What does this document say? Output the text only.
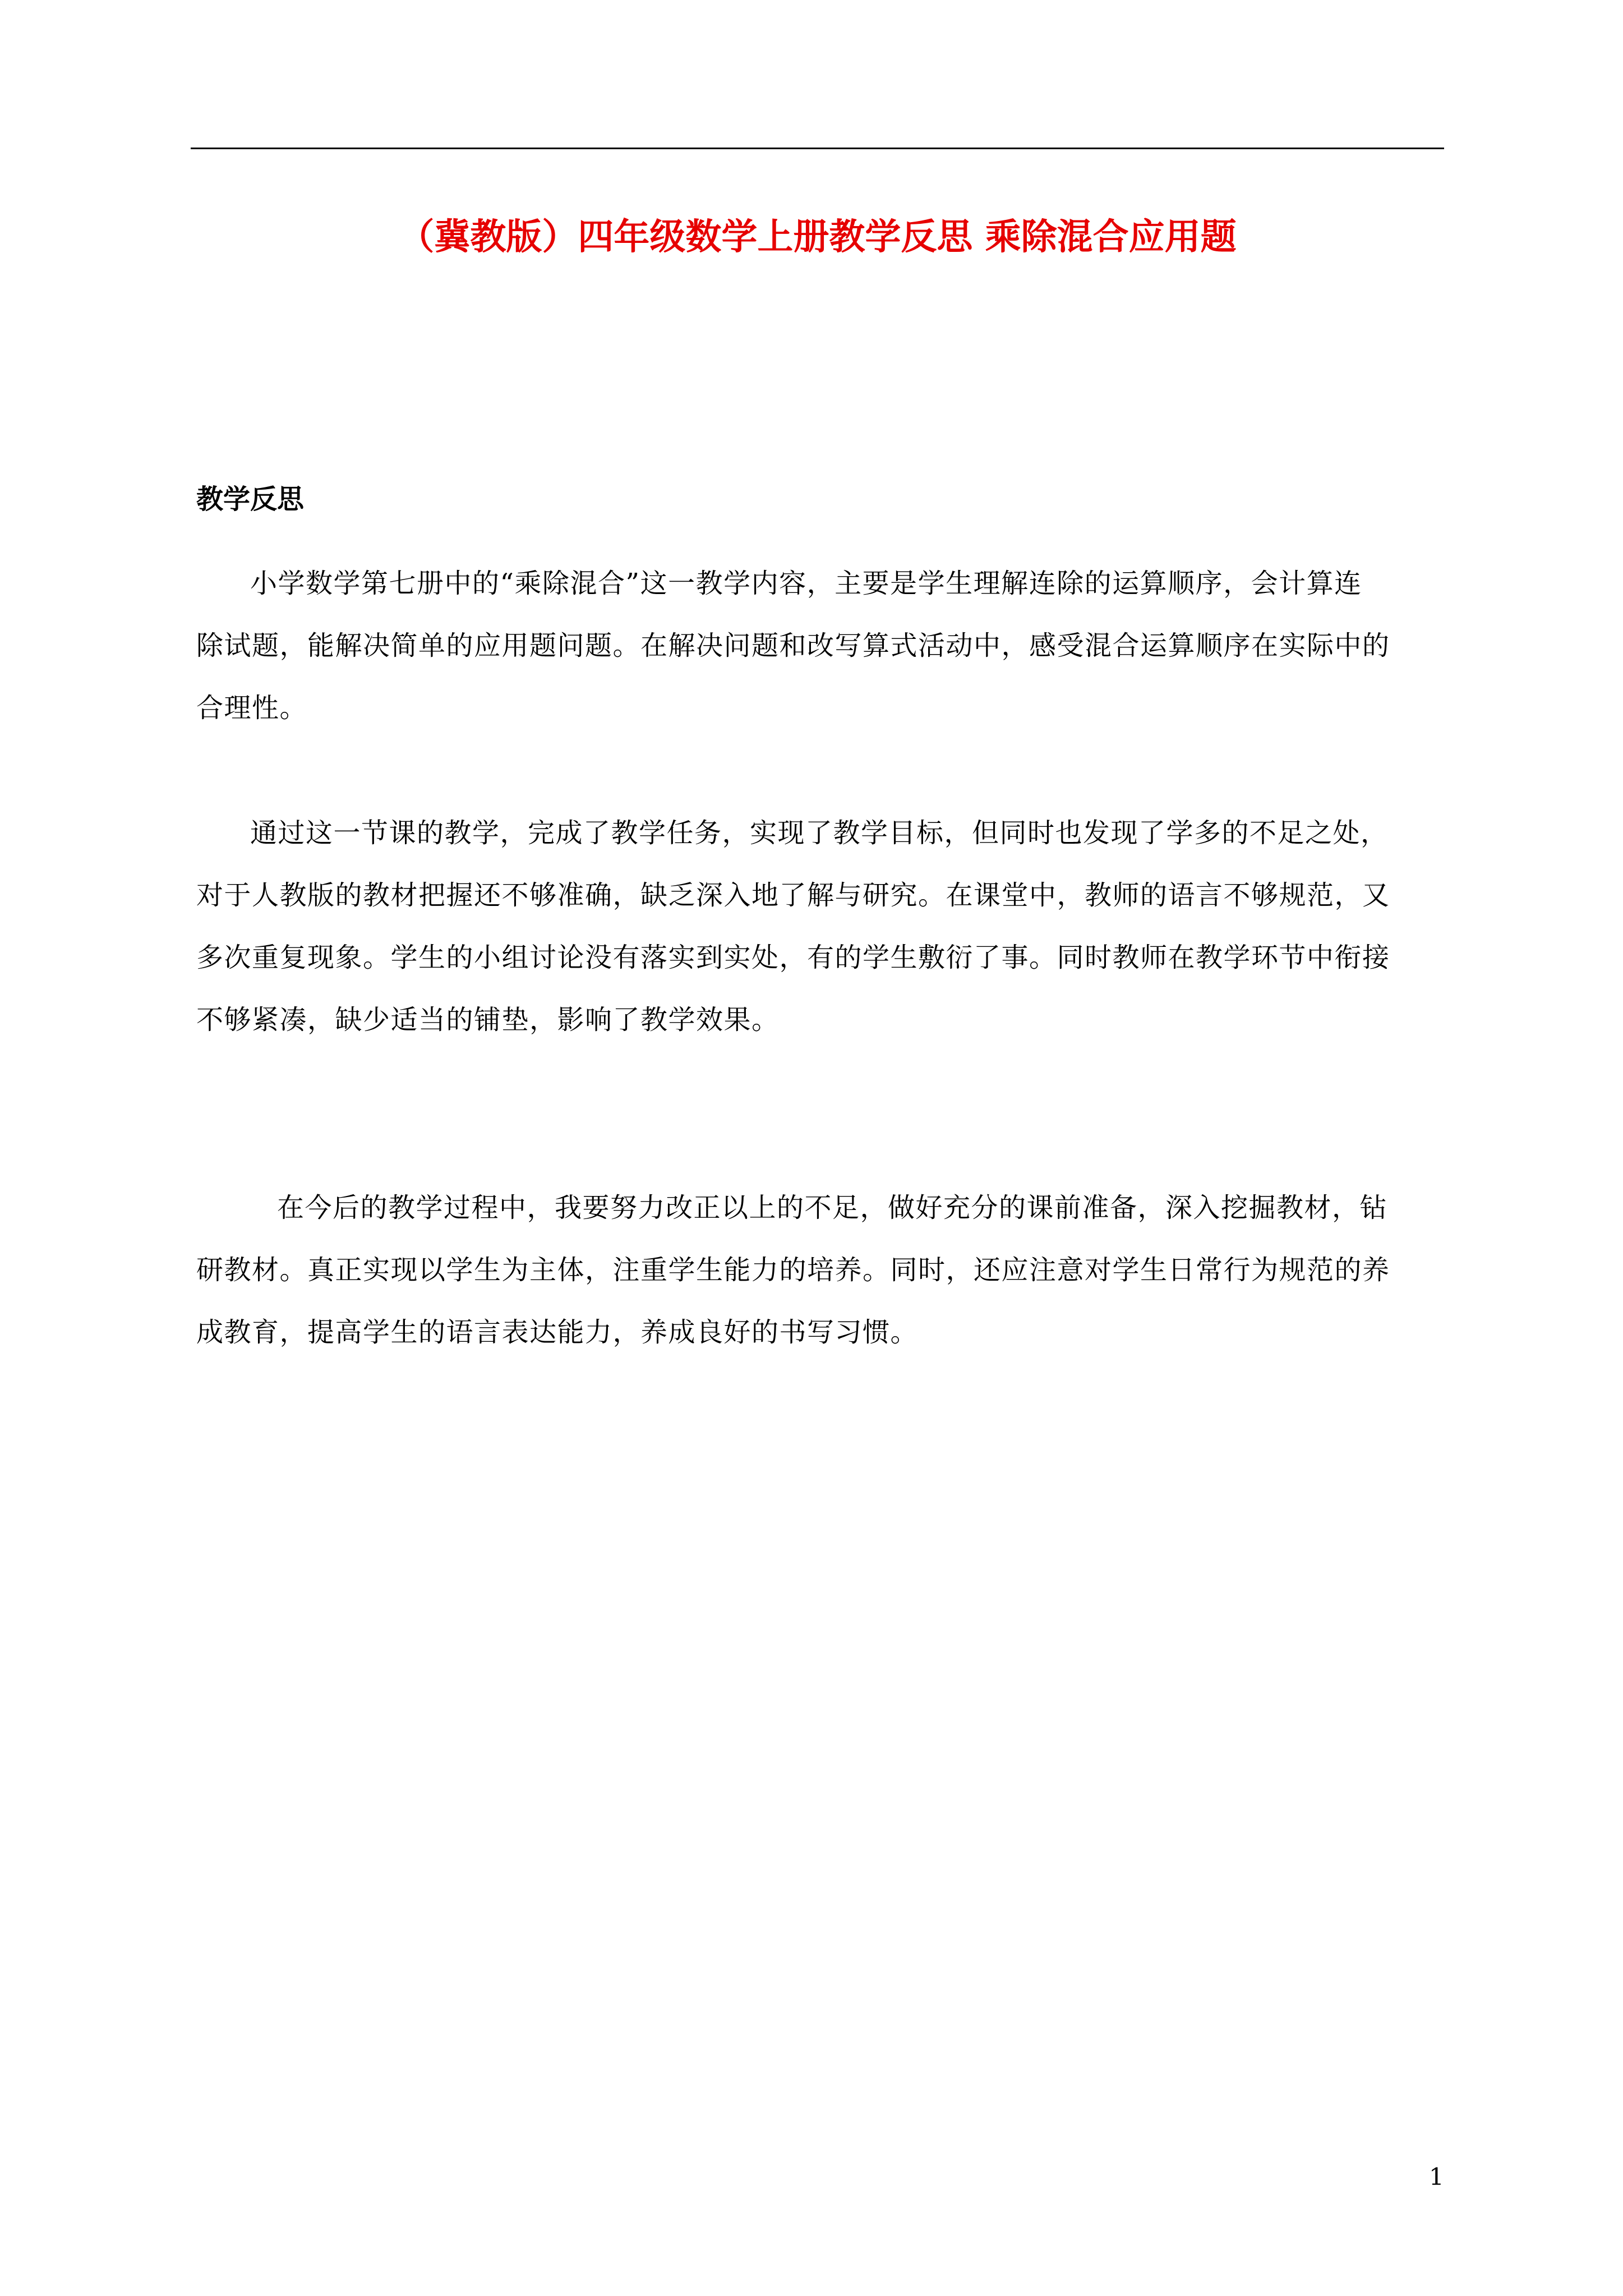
（冀教版）四年级数学上册教学反思 乘除混合应用题
教学反思
小学数学第七册中的“乘除混合”这一教学内容，主要是学生理解连除的运算顺序，会计算连
除试题，能解决简单的应用题问题。在解决问题和改写算式活动中，感受混合运算顺序在实际中的
合理性。
通过这一节课的教学，完成了教学任务，实现了教学目标，但同时也发现了学多的不足之处，
对于人教版的教材把握还不够准确，缺乏深入地了解与研究。在课堂中，教师的语言不够规范，又
多次重复现象。学生的小组讨论没有落实到实处，有的学生敷衍了事。同时教师在教学环节中衔接
不够紧凑，缺少适当的铺垫，影响了教学效果。
在今后的教学过程中，我要努力改正以上的不足，做好充分的课前准备，深入挖掘教材，钻
研教材。真正实现以学生为主体，注重学生能力的培养。同时，还应注意对学生日常行为规范的养
成教育，提高学生的语言表达能力，养成良好的书写习惯。
1
